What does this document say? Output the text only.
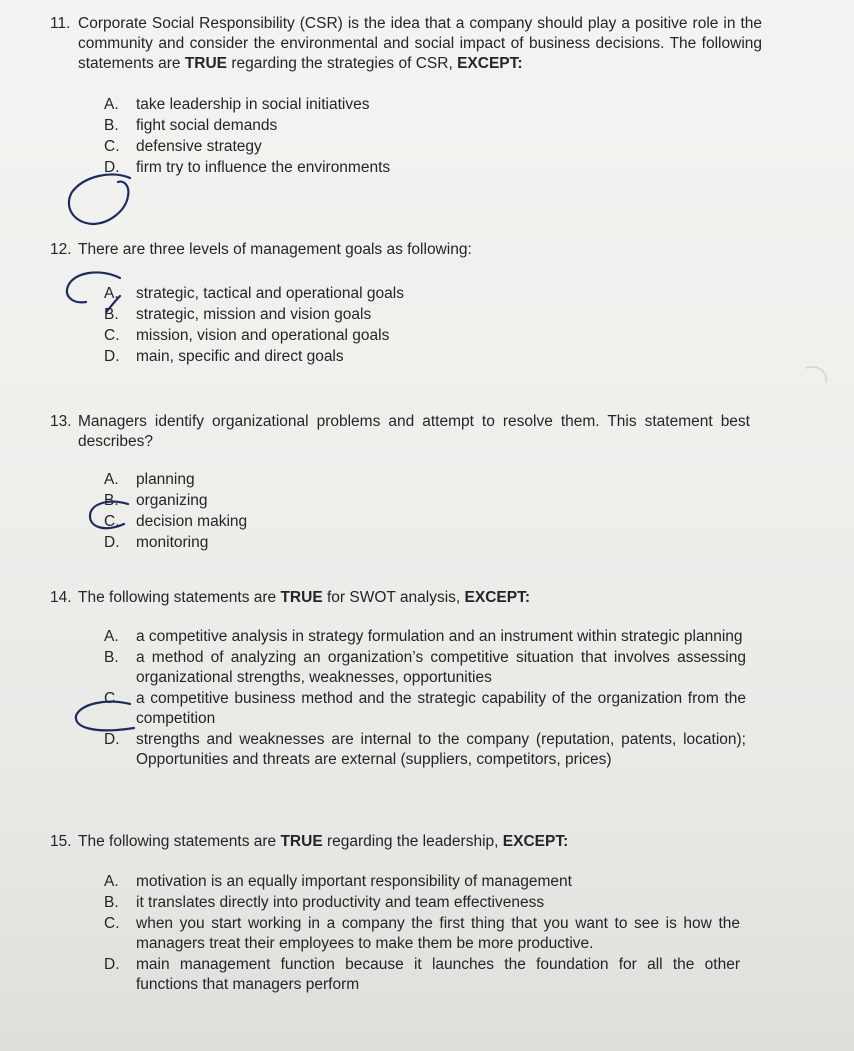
11. Corporate Social Responsibility (CSR) is the idea that a company should play a positive role in the community and consider the environmental and social impact of business decisions. The following statements are TRUE regarding the strategies of CSR, EXCEPT:
A.	take leadership in social initiatives
B.	fight social demands
C.	defensive strategy
D.	firm try to influence the environments
12. There are three levels of management goals as following:
A.	strategic, tactical and operational goals
B.	strategic, mission and vision goals
C.	mission, vision and operational goals
D.	main, specific and direct goals
13. Managers identify organizational problems and attempt to resolve them. This statement best describes?
A.	planning
B.	organizing
C.	decision making
D.	monitoring
14. The following statements are TRUE for SWOT analysis, EXCEPT:
A.	a competitive analysis in strategy formulation and an instrument within strategic planning
B.	a method of analyzing an organization’s competitive situation that involves assessing organizational strengths, weaknesses, opportunities
C.	a competitive business method and the strategic capability of the organization from the competition
D.	strengths and weaknesses are internal to the company (reputation, patents, location); Opportunities and threats are external (suppliers, competitors, prices)
15. The following statements are TRUE regarding the leadership, EXCEPT:
A.	motivation is an equally important responsibility of management
B.	it translates directly into productivity and team effectiveness
C.	when you start working in a company the first thing that you want to see is how the managers treat their employees to make them be more productive.
D.	main management function because it launches the foundation for all the other functions that managers perform
